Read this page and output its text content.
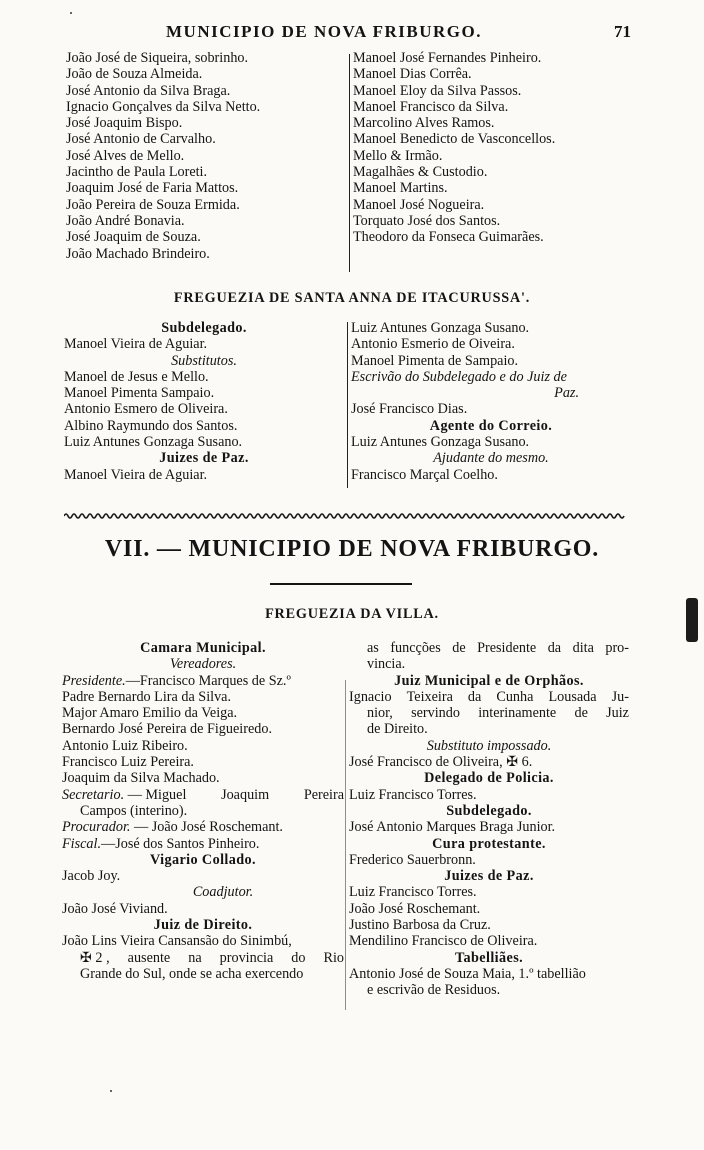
MUNICIPIO DE NOVA FRIBURGO.	71
João José de Siqueira, sobrinho.
João de Souza Almeida.
José Antonio da Silva Braga.
Ignacio Gonçalves da Silva Netto.
José Joaquim Bispo.
José Antonio de Carvalho.
José Alves de Mello.
Jacintho de Paula Loreti.
Joaquim José de Faria Mattos.
João Pereira de Souza Ermida.
João André Bonavia.
José Joaquim de Souza.
João Machado Brindeiro.
Manoel José Fernandes Pinheiro.
Manoel Dias Corrêa.
Manoel Eloy da Silva Passos.
Manoel Francisco da Silva.
Marcolino Alves Ramos.
Manoel Benedicto de Vasconcellos.
Mello & Irmão.
Magalhães & Custodio.
Manoel Martins.
Manoel José Nogueira.
Torquato José dos Santos.
Theodoro da Fonseca Guimarães.
FREGUEZIA DE SANTA ANNA DE ITACURUSSA'.
Subdelegado.
Manoel Vieira de Aguiar.
Substitutos.
Manoel de Jesus e Mello.
Manoel Pimenta Sampaio.
Antonio Esmero de Oliveira.
Albino Raymundo dos Santos.
Luiz Antunes Gonzaga Susano.
Juizes de Paz.
Manoel Vieira de Aguiar.
Luiz Antunes Gonzaga Susano.
Antonio Esmerio de Oiveira.
Manoel Pimenta de Sampaio.
Escrivão do Subdelegado e do Juiz de
Paz.
José Francisco Dias.
Agente do Correio.
Luiz Antunes Gonzaga Susano.
Ajudante do mesmo.
Francisco Marçal Coelho.
VII. — MUNICIPIO DE NOVA FRIBURGO.
FREGUEZIA DA VILLA.
Camara Municipal.
Vereadores.
Presidente.—Francisco Marques de Sz.º
Padre Bernardo Lira da Silva.
Major Amaro Emilio da Veiga.
Bernardo José Pereira de Figueiredo.
Antonio Luiz Ribeiro.
Francisco Luiz Pereira.
Joaquim da Silva Machado.
Secretario. — Miguel Joaquim Pereira
Campos (interino).
Procurador. — João José Roschemant.
Fiscal.—José dos Santos Pinheiro.
Vigario Collado.
Jacob Joy.
Coadjutor.
João José Viviand.
Juiz de Direito.
João Lins Vieira Cansansão do Sinimbú,
✠ 2 , ausente na provincia do Rio
Grande do Sul, onde se acha exercendo
as funcções de Presidente da dita pro-
vincia.
Juiz Municipal e de Orphãos.
Ignacio Teixeira da Cunha Lousada Ju-
nior, servindo interinamente de Juiz
de Direito.
Substituto impossado.
José Francisco de Oliveira, ✠ 6.
Delegado de Policia.
Luiz Francisco Torres.
Subdelegado.
José Antonio Marques Braga Junior.
Cura protestante.
Frederico Sauerbronn.
Juizes de Paz.
Luiz Francisco Torres.
João José Roschemant.
Justino Barbosa da Cruz.
Mendilino Francisco de Oliveira.
Tabelliães.
Antonio José de Souza Maia, 1.º tabellião
e escrivão de Residuos.
